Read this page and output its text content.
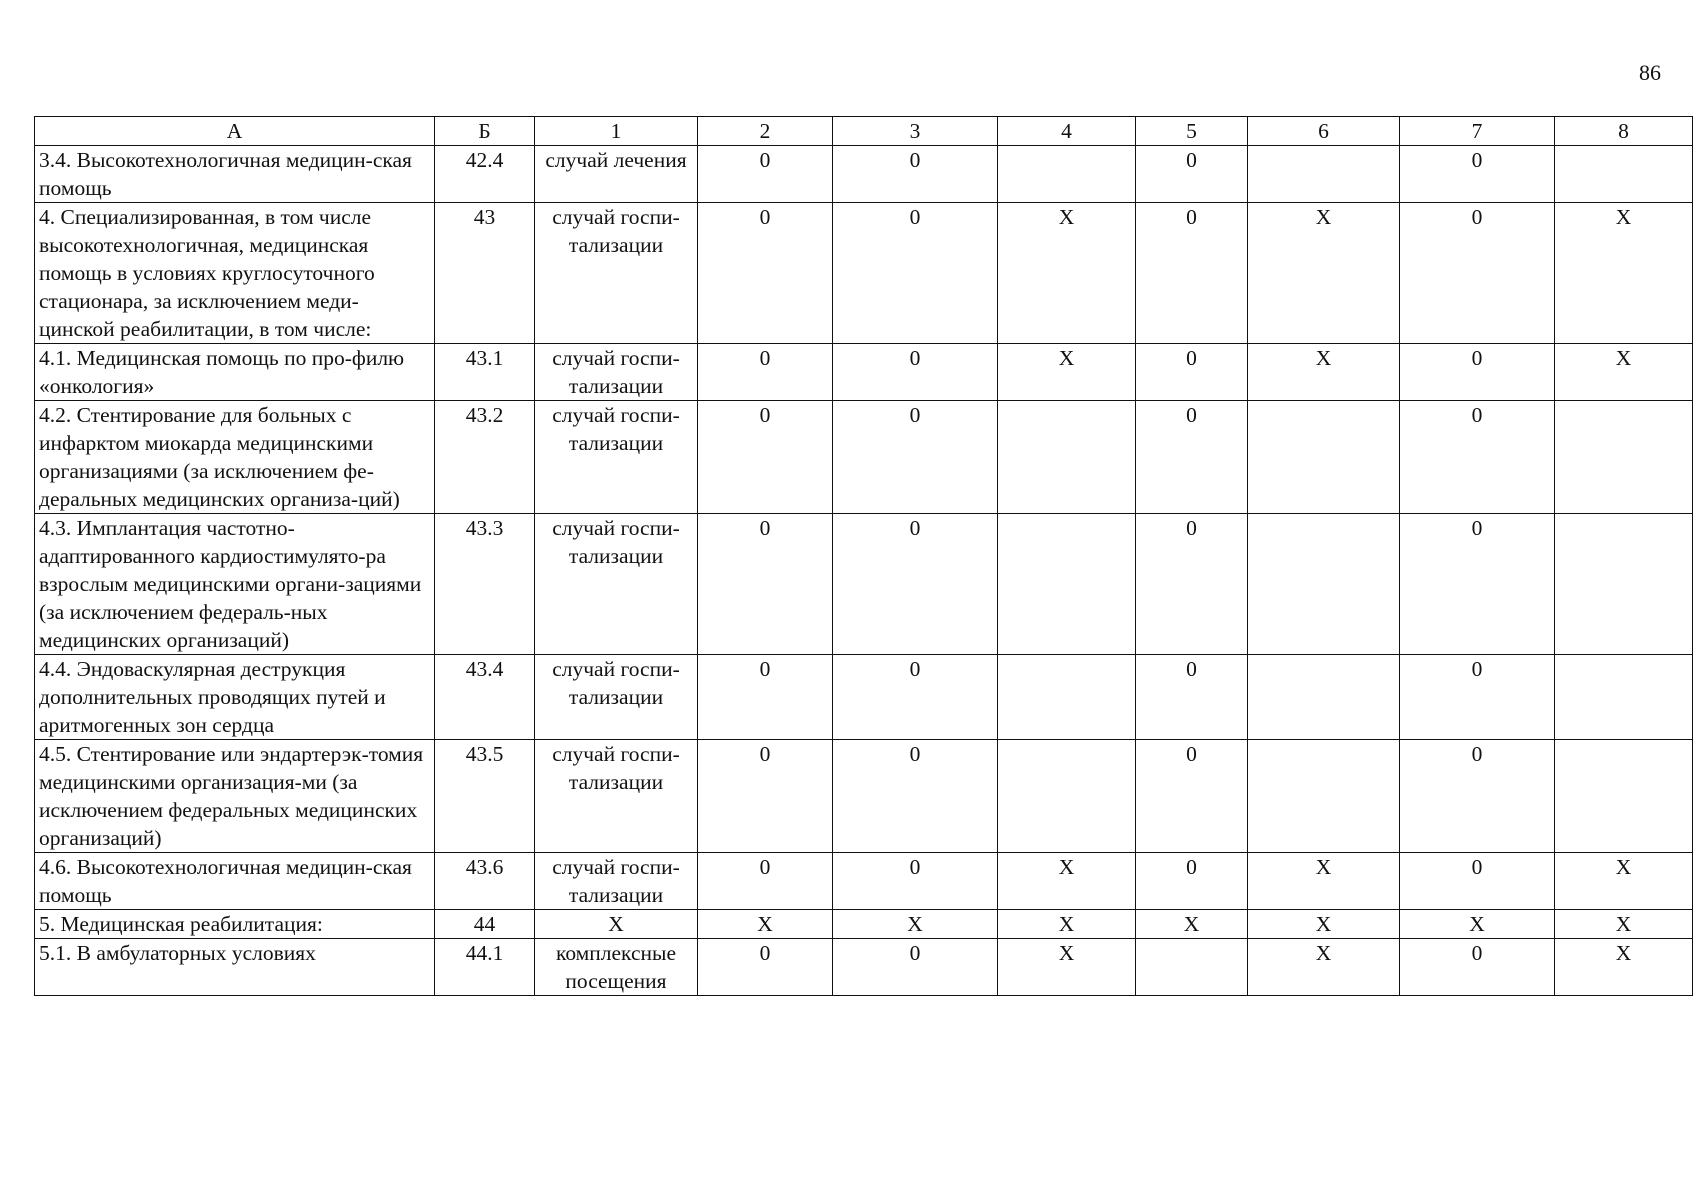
86
А	Б	1	2	3	4	5	6	7	8
3.4. Высокотехнологичная медицин-ская помощь	42.4	случай лечения	0	0		0		0	
4. Специализированная, в том числе высокотехнологичная, медицинская помощь в условиях круглосуточного стационара, за исключением меди-цинской реабилитации, в том числе:	43	случай госпи-тализации	0	0	X	0	X	0	X
4.1. Медицинская помощь по про-филю «онкология»	43.1	случай госпи-тализации	0	0	X	0	X	0	X
4.2. Стентирование для больных с инфарктом миокарда медицинскими организациями (за исключением фе-деральных медицинских организа-ций)	43.2	случай госпи-тализации	0	0		0		0	
4.3. Имплантация частотно-адаптированного кардиостимулято-ра взрослым медицинскими органи-зациями (за исключением федераль-ных медицинских организаций)	43.3	случай госпи-тализации	0	0		0		0	
4.4. Эндоваскулярная деструкция дополнительных проводящих путей и аритмогенных зон сердца	43.4	случай госпи-тализации	0	0		0		0	
4.5. Стентирование или эндартерэк-томия медицинскими организация-ми (за исключением федеральных медицинских организаций)	43.5	случай госпи-тализации	0	0		0		0	
4.6. Высокотехнологичная медицин-ская помощь	43.6	случай госпи-тализации	0	0	X	0	X	0	X
5. Медицинская реабилитация:	44	X	X	X	X	X	X	X	X
5.1. В амбулаторных условиях	44.1	комплексные посещения	0	0	X		X	0	X
